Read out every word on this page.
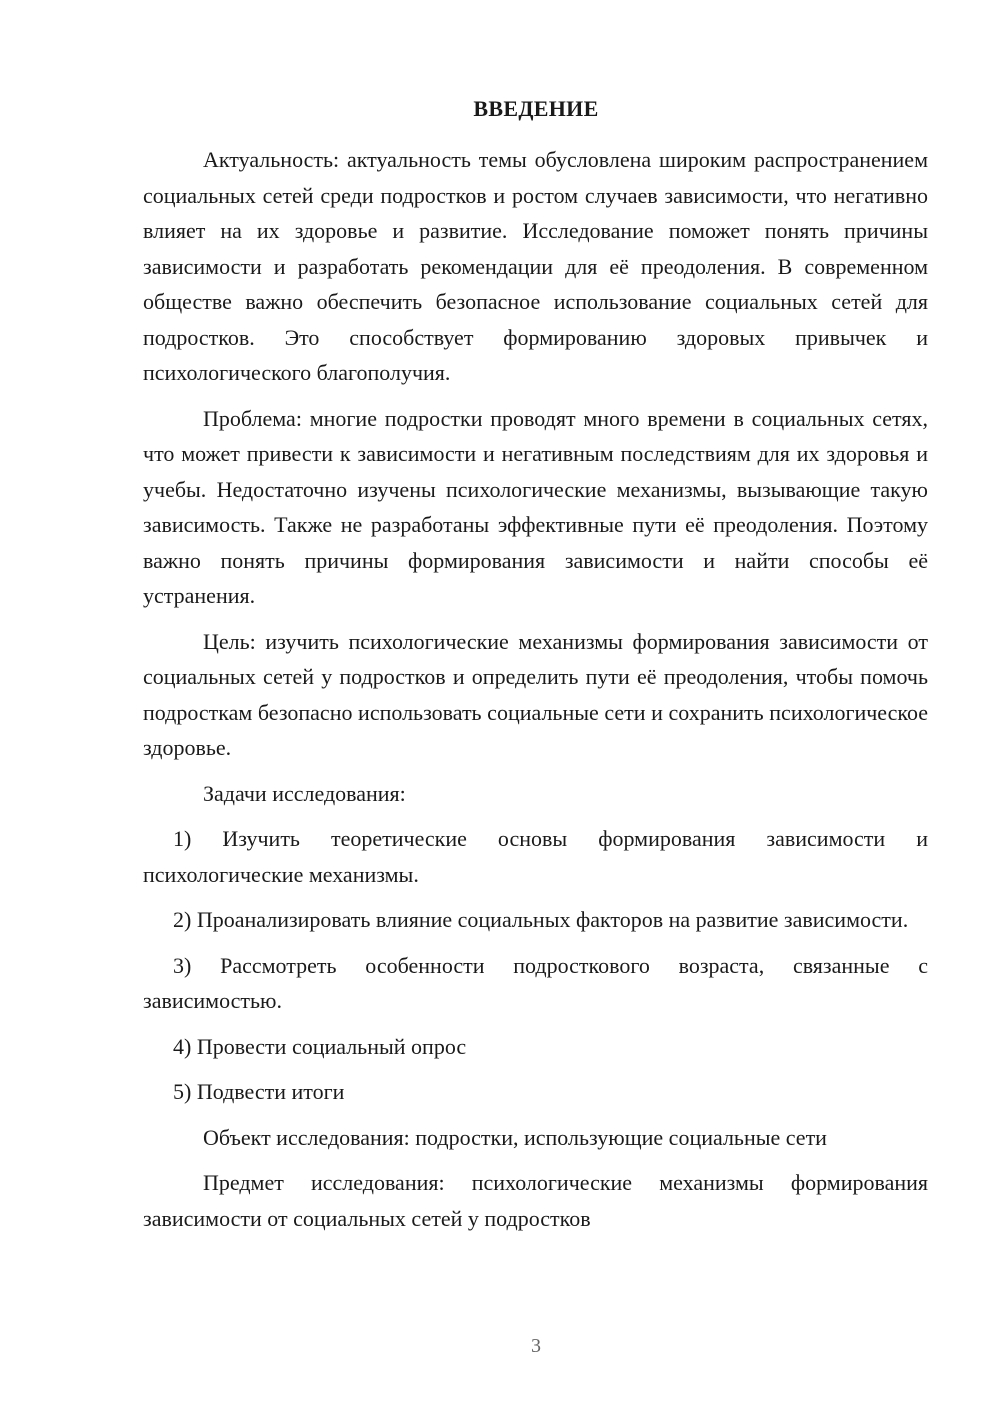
ВВЕДЕНИЕ

Актуальность: актуальность темы обусловлена широким распространением социальных сетей среди подростков и ростом случаев зависимости, что негативно влияет на их здоровье и развитие. Исследование поможет понять причины зависимости и разработать рекомендации для её преодоления. В современном обществе важно обеспечить безопасное использование социальных сетей для подростков. Это способствует формированию здоровых привычек и психологического благополучия.

Проблема: многие подростки проводят много времени в социальных сетях, что может привести к зависимости и негативным последствиям для их здоровья и учебы. Недостаточно изучены психологические механизмы, вызывающие такую зависимость. Также не разработаны эффективные пути её преодоления. Поэтому важно понять причины формирования зависимости и найти способы её устранения.

Цель: изучить психологические механизмы формирования зависимости от социальных сетей у подростков и определить пути её преодоления, чтобы помочь подросткам безопасно использовать социальные сети и сохранить психологическое здоровье.

Задачи исследования:

1) Изучить теоретические основы формирования зависимости и психологические механизмы.

2) Проанализировать влияние социальных факторов на развитие зависимости.

3) Рассмотреть особенности подросткового возраста, связанные с зависимостью.

4) Провести социальный опрос

5) Подвести итоги

Объект исследования: подростки, использующие социальные сети

Предмет исследования: психологические механизмы формирования зависимости от социальных сетей у подростков

3
